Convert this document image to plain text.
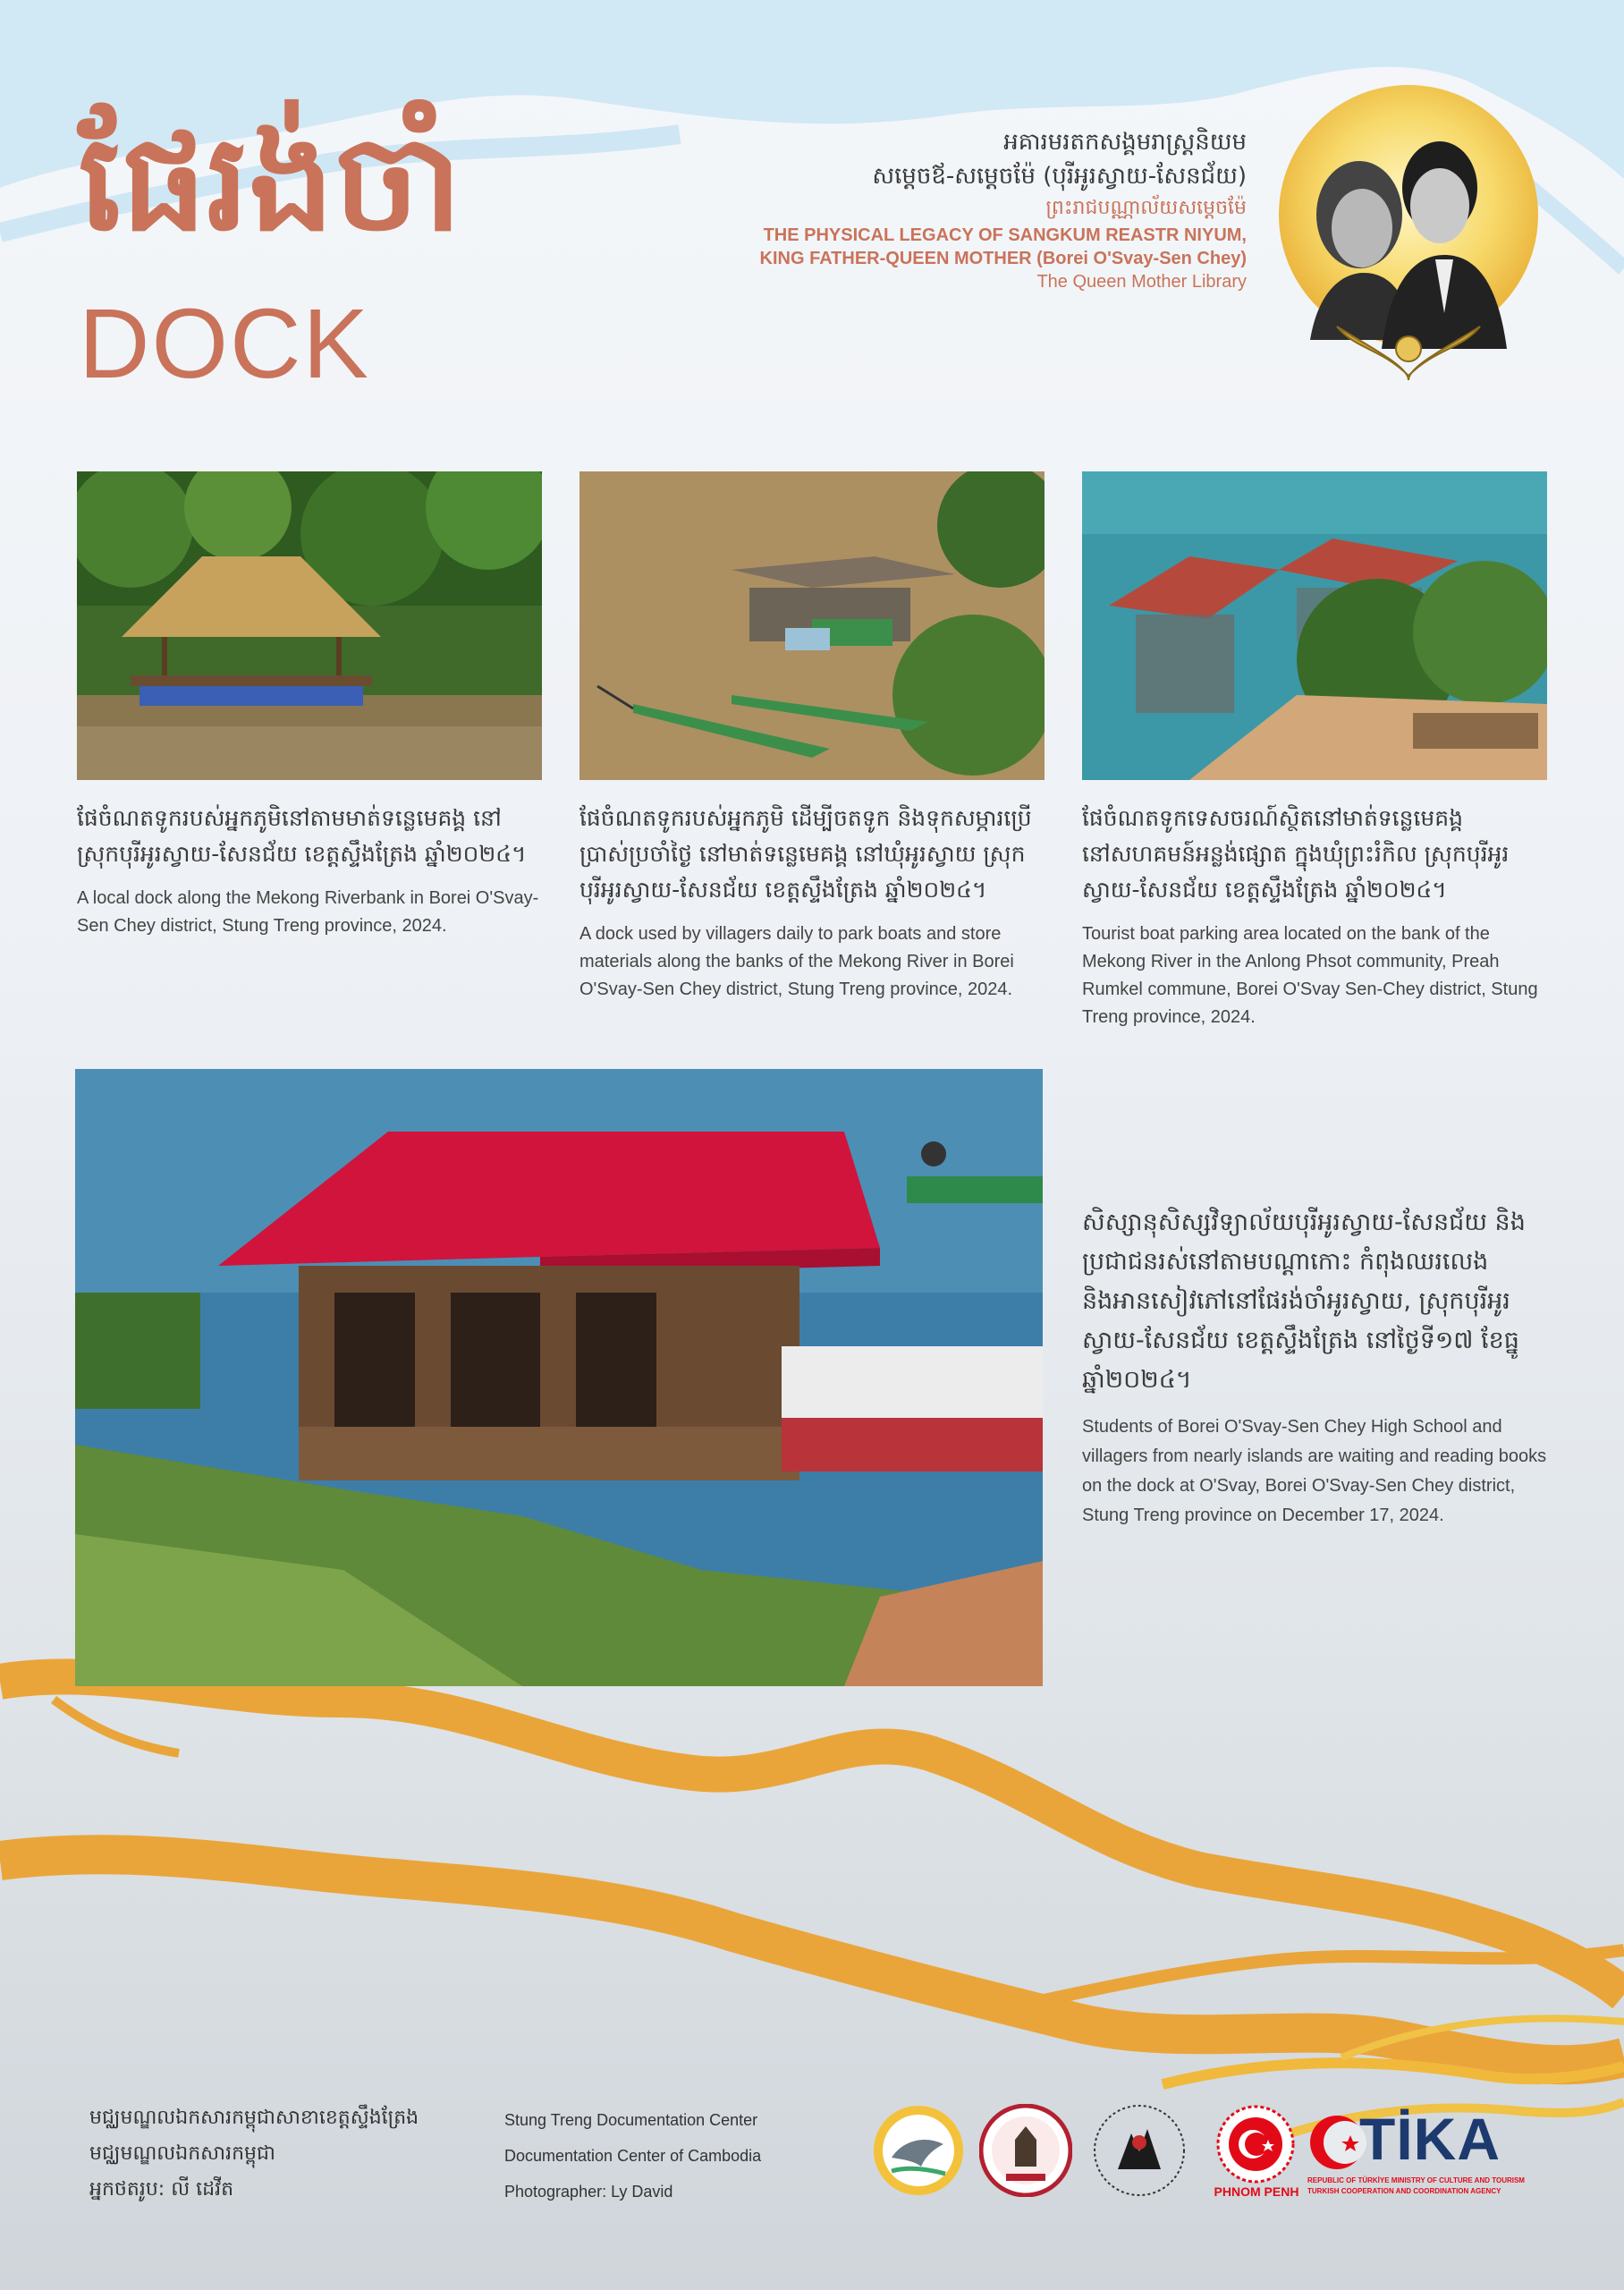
ផែរង់ចាំ
DOCK
អគារមរតកសង្គមរាស្ត្រនិយម
សម្តេចឪ-សម្តេចម៉ែ (បុរីអូរស្វាយ-សែនជ័យ)
ព្រះរាជបណ្ណាល័យសម្តេចម៉ែ
THE PHYSICAL LEGACY OF SANGKUM REASTR NIYUM,
KING FATHER-QUEEN MOTHER (Borei O'Svay-Sen Chey)
The Queen Mother Library

ផែចំណតទូករបស់អ្នកភូមិនៅតាមមាត់ទន្លេមេគង្គ នៅស្រុកបុរីអូរស្វាយ-សែនជ័យ ខេត្តស្ទឹងត្រែង ឆ្នាំ២០២៤។

A local dock along the Mekong Riverbank in Borei O'Svay-Sen Chey district, Stung Treng province, 2024.

ផែចំណតទូករបស់អ្នកភូមិ ដើម្បីចតទូក និងទុកសម្ភារប្រើប្រាស់ប្រចាំថ្ងៃ នៅមាត់ទន្លេមេគង្គ នៅឃុំអូរស្វាយ ស្រុកបុរីអូរស្វាយ-សែនជ័យ ខេត្តស្ទឹងត្រែង ឆ្នាំ២០២៤។

A dock used by villagers daily to park boats and store materials along the banks of the Mekong River in Borei O'Svay-Sen Chey district, Stung Treng province, 2024.

ផែចំណតទូកទេសចរណ៍ស្ថិតនៅមាត់ទន្លេមេគង្គ នៅសហគមន៍អន្លង់ផ្សោត ក្នុងឃុំព្រះរំកិល ស្រុកបុរីអូរស្វាយ-សែនជ័យ ខេត្តស្ទឹងត្រែង ឆ្នាំ២០២៤។

Tourist boat parking area located on the bank of the Mekong River in the Anlong Phsot community, Preah Rumkel commune, Borei O'Svay Sen-Chey district, Stung Treng province, 2024.

សិស្សានុសិស្សវិទ្យាល័យបុរីអូរស្វាយ-សែនជ័យ និងប្រជាជនរស់នៅតាមបណ្តាកោះ កំពុងឈរលេង និងអានសៀវភៅនៅផែរង់ចាំអូរស្វាយ, ស្រុកបុរីអូរស្វាយ-សែនជ័យ ខេត្តស្ទឹងត្រែង នៅថ្ងៃទី១៧ ខែធ្នូ ឆ្នាំ២០២៤។

Students of Borei O'Svay-Sen Chey High School and villagers from nearly islands are waiting and reading books on the dock at O'Svay, Borei O'Svay-Sen Chey district, Stung Treng province on December 17, 2024.

មជ្ឈមណ្ឌលឯកសារកម្ពុជាសាខាខេត្តស្ទឹងត្រែង
មជ្ឈមណ្ឌលឯកសារកម្ពុជា
អ្នកថតរូប: លី ដេវីត
Stung Treng Documentation Center
Documentation Center of Cambodia
Photographer: Ly David	PHNOM PENH
TİKA
REPUBLIC OF TÜRKİYE MINISTRY OF CULTURE AND TOURISM
TURKISH COOPERATION AND COORDINATION AGENCY
